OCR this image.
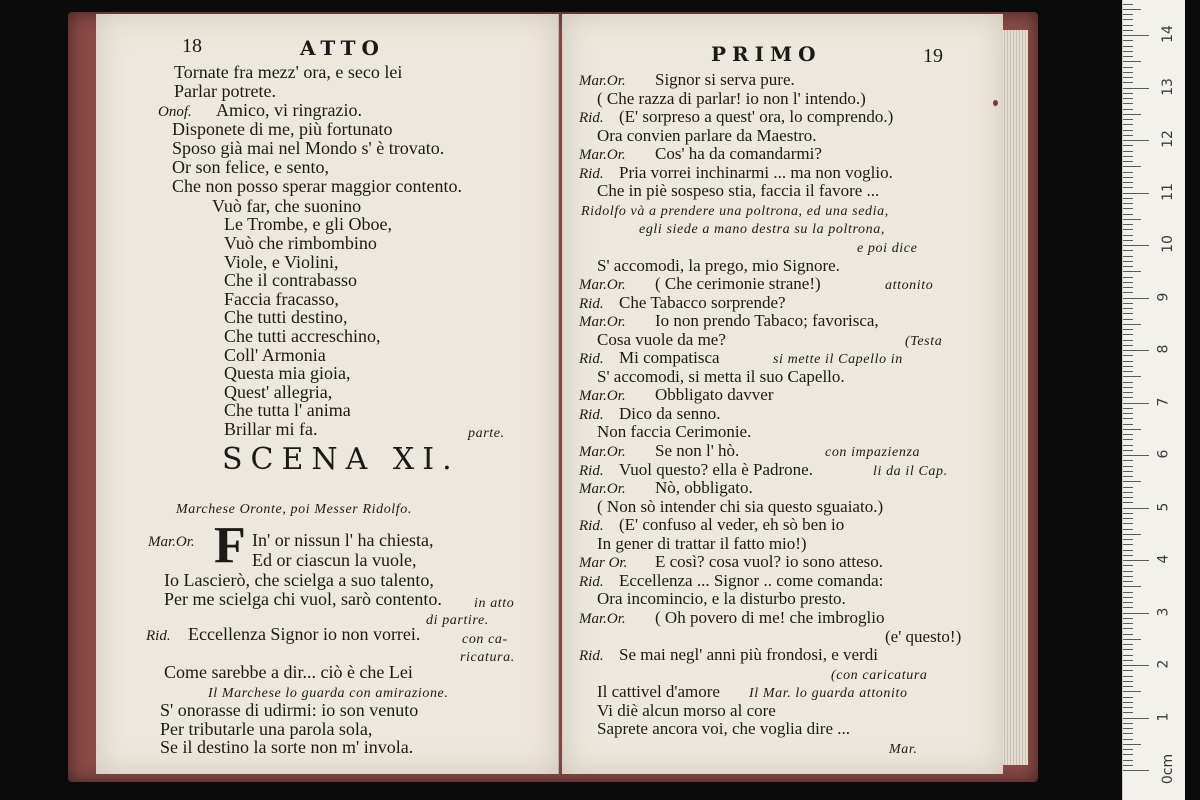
18	ATTO
Tornate fra mezz' ora, e seco lei
Parlar potrete.
Onof. Amico, vi ringrazio.
Disponete di me, più fortunato
Sposo già mai nel Mondo s' è trovato.
Or son felice, e sento,
Che non posso sperar maggior contento.
Vuò far, che suonino
Le Trombe, e gli Oboe,
Vuò che rimbombino
Viole, e Violini,
Che il contrabasso
Faccia fracasso,
Che tutti destino,
Che tutti accreschino,
Coll' Armonia
Questa mia gioia,
Quest' allegria,
Che tutta l' anima
Brillar mi fa.	parte.
SCENA XI.
Marchese Oronte, poi Messer Ridolfo.
Mar.Or. F In' or nissun l' ha chiesta,
Ed or ciascun la vuole,
Io Lascierò, che scielga a suo talento,
Per me scielga chi vuol, sarò contento. in atto
di partire.
Rid. Eccellenza Signor io non vorrei.	con ca-
ricatura.
Come sarebbe a dir... ciò è che Lei
Il Marchese lo guarda con amirazione.
S' onorasse di udirmi: io son venuto
Per tributarle una parola sola,
Se il destino la sorte non m' invola.
PRIMO	19
Mar.Or. Signor si serva pure.
( Che razza di parlar! io non l' intendo.)
Rid. (E' sorpreso a quest' ora, lo comprendo.)
Ora convien parlare da Maestro.
Mar.Or. Cos' ha da comandarmi?
Rid. Pria vorrei inchinarmi ... ma non voglio.
Che in piè sospeso stia, faccia il favore ...
Ridolfo và a prendere una poltrona, ed una sedia,
egli siede a mano destra su la poltrona,
e poi dice
S' accomodi, la prego, mio Signore.
Mar.Or. ( Che cerimonie strane!)	attonito
Rid. Che Tabacco sorprende?
Mar.Or. Io non prendo Tabaco; favorisca,
Cosa vuole da me?	(Testa
Rid. Mi compatisca	si mette il Capello in
S' accomodi, si metta il suo Capello.
Mar.Or. Obbligato davver
Rid. Dico da senno.
Non faccia Cerimonie.
Mar.Or. Se non l' hò.	con impazienza
Rid. Vuol questo? ella è Padrone.	li da il Cap.
Mar.Or. Nò, obbligato.
( Non sò intender chi sia questo sguaiato.)
Rid. (E' confuso al veder, eh sò ben io
In gener di trattar il fatto mio!)
Mar Or. E così? cosa vuol? io sono atteso.
Rid. Eccellenza ... Signor .. come comanda:
Ora incomincio, e la disturbo presto.
Mar.Or. ( Oh povero di me! che imbroglio
(e' questo!)
Rid. Se mai negl' anni più frondosi, e verdi
(con caricatura
Il cattivel d'amore Il Mar. lo guarda attonito
Vi diè alcun morso al core
Saprete ancora voi, che voglia dire ...
Mar.
14
13
12
11
10
9
8
7
6
5
4
3
2
1
0cm
